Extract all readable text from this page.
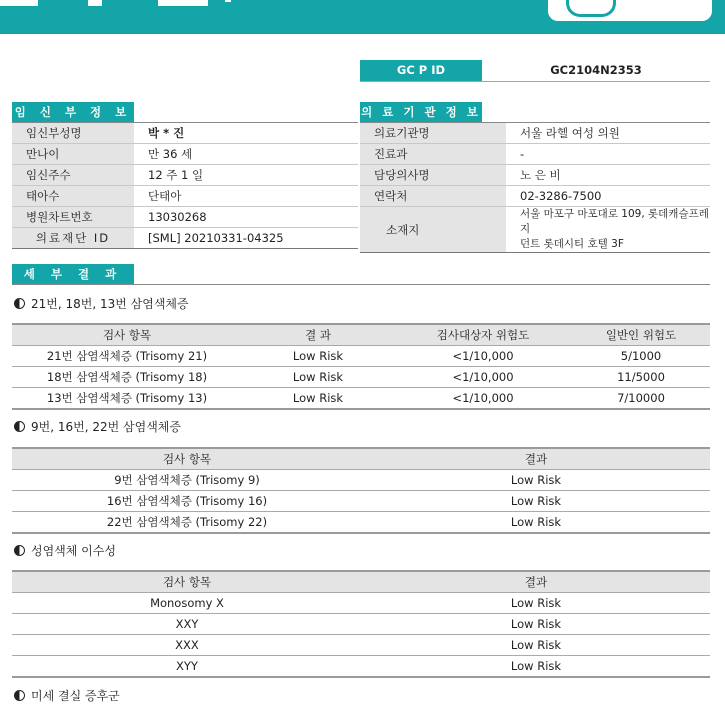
GC P ID	GC2104N2353
임 신 부 정 보
임신부성명	박 * 진
만나이	만 36 세
임신주수	12 주 1 일
태아수	단태아
병원차트번호	13030268
의료재단 ID	[SML] 20210331-04325
의 료 기 관 정 보
의료기관명	서울 라헬 여성 의원
진료과	-
담당의사명	노 은 비
연락처	02-3286-7500
소재지	서울 마포구 마포대로 109, 롯데캐슬프레지
던트 롯데시티 호텔 3F
세 부 결 과
21번, 18번, 13번 삼염색체증
검사 항목	결 과	검사대상자 위험도	일반인 위험도
21번 삼염색체증 (Trisomy 21)	Low Risk	<1/10,000	5/1000
18번 삼염색체증 (Trisomy 18)	Low Risk	<1/10,000	11/5000
13번 삼염색체증 (Trisomy 13)	Low Risk	<1/10,000	7/10000
9번, 16번, 22번 삼염색체증
검사 항목	결과
9번 삼염색체증 (Trisomy 9)	Low Risk
16번 삼염색체증 (Trisomy 16)	Low Risk
22번 삼염색체증 (Trisomy 22)	Low Risk
성염색체 이수성
검사 항목	결과
Monosomy X	Low Risk
XXY	Low Risk
XXX	Low Risk
XYY	Low Risk
미세 결실 증후군
